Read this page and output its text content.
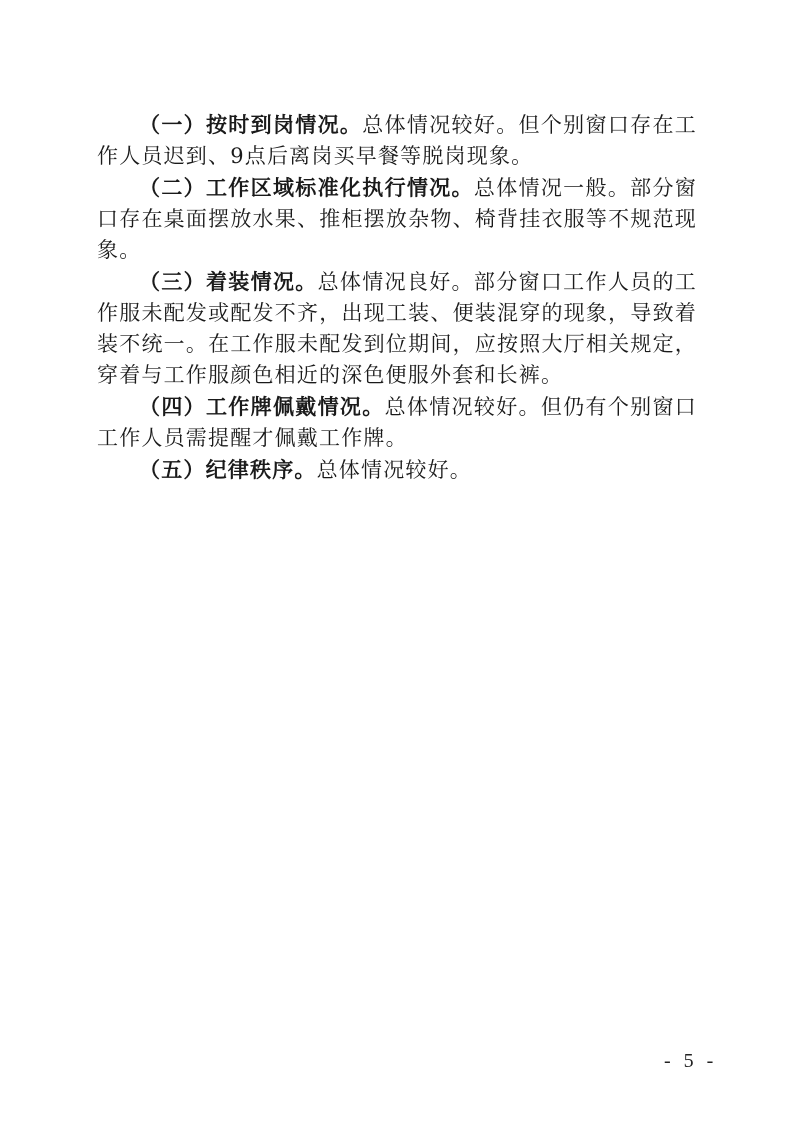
（一）按时到岗情况。总体情况较好。但个别窗口存在工作人员迟到、9点后离岗买早餐等脱岗现象。

（二）工作区域标准化执行情况。总体情况一般。部分窗口存在桌面摆放水果、推柜摆放杂物、椅背挂衣服等不规范现象。

（三）着装情况。总体情况良好。部分窗口工作人员的工作服未配发或配发不齐，出现工装、便装混穿的现象，导致着装不统一。在工作服未配发到位期间，应按照大厅相关规定，穿着与工作服颜色相近的深色便服外套和长裤。

（四）工作牌佩戴情况。总体情况较好。但仍有个别窗口工作人员需提醒才佩戴工作牌。

（五）纪律秩序。总体情况较好。

- 5 -
